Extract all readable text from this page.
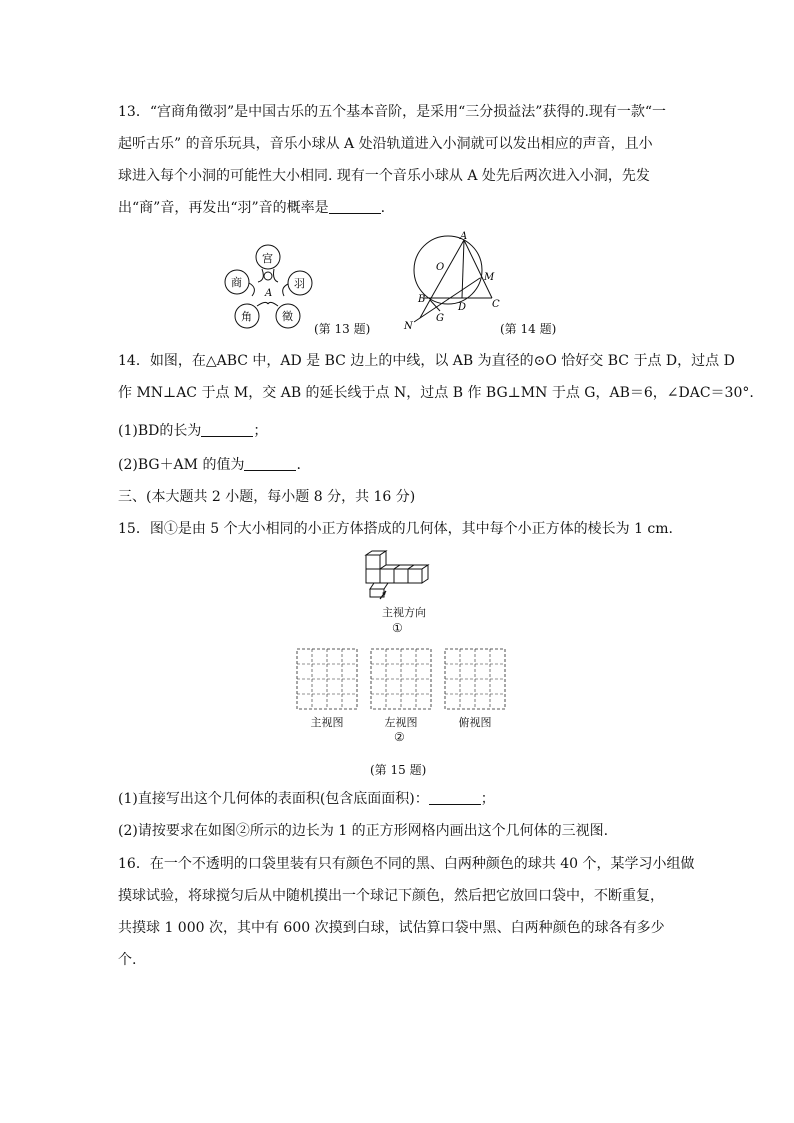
13．“宫商角徵羽”是中国古乐的五个基本音阶，是采用“三分损益法”获得的.现有一款“一
起听古乐” 的音乐玩具，音乐小球从 A 处沿轨道进入小洞就可以发出相应的声音，且小
球进入每个小洞的可能性大小相同. 现有一个音乐小球从 A 处先后两次进入小洞，先发
出“商”音，再发出“羽”音的概率是	.
宫
商	羽
角	徵
A
(第 13 题)
A
O
M
B
D	C
G
N	(第 14 题)
14．如图，在△ABC 中，AD 是 BC 边上的中线，以 AB 为直径的⊙O 恰好交 BC 于点 D，过点 D
作 MN⊥AC 于点 M，交 AB 的延长线于点 N，过点 B 作 BG⊥MN 于点 G，AB＝6，∠DAC＝30°.
(1)BD的长为	；
(2)BG＋AM 的值为	.
三、(本大题共 2 小题，每小题 8 分，共 16 分)
15．图①是由 5 个大小相同的小正方体搭成的几何体，其中每个小正方体的棱长为 1 cm.
主视方向
①
主视图	左视图	俯视图
②
(第 15 题)
(1)直接写出这个几何体的表面积(包含底面面积)：	；
(2)请按要求在如图②所示的边长为 1 的正方形网格内画出这个几何体的三视图.
16．在一个不透明的口袋里装有只有颜色不同的黑、白两种颜色的球共 40 个，某学习小组做
摸球试验，将球搅匀后从中随机摸出一个球记下颜色，然后把它放回口袋中，不断重复，
共摸球 1 000 次，其中有 600 次摸到白球，试估算口袋中黑、白两种颜色的球各有多少
个.
